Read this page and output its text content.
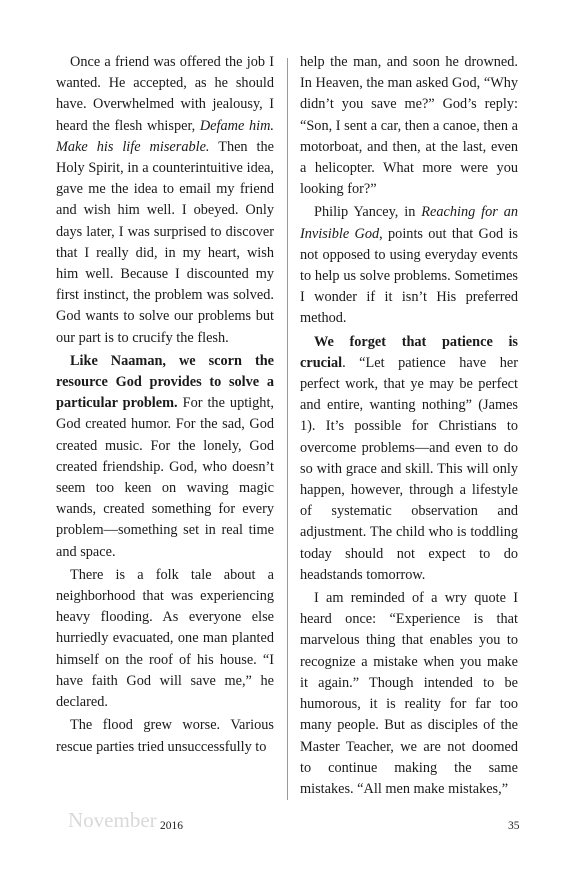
Once a friend was offered the job I wanted. He accepted, as he should have. Overwhelmed with jealousy, I heard the flesh whisper, Defame him. Make his life miserable. Then the Holy Spirit, in a counterintuitive idea, gave me the idea to email my friend and wish him well. I obeyed. Only days later, I was surprised to discover that I really did, in my heart, wish him well. Because I discounted my first instinct, the problem was solved. God wants to solve our problems but our part is to crucify the flesh.

Like Naaman, we scorn the resource God provides to solve a particular problem. For the uptight, God created humor. For the sad, God created music. For the lonely, God created friendship. God, who doesn’t seem too keen on waving magic wands, created something for every problem—something set in real time and space.

There is a folk tale about a neighborhood that was experiencing heavy flooding. As everyone else hurriedly evacuated, one man planted himself on the roof of his house. “I have faith God will save me,” he declared.

The flood grew worse. Various rescue parties tried unsuccessfully to

help the man, and soon he drowned. In Heaven, the man asked God, “Why didn’t you save me?” God’s reply: “Son, I sent a car, then a canoe, then a motorboat, and then, at the last, even a helicopter. What more were you looking for?”

Philip Yancey, in Reaching for an Invisible God, points out that God is not opposed to using everyday events to help us solve problems. Sometimes I wonder if it isn’t His preferred method.

We forget that patience is crucial. “Let patience have her perfect work, that ye may be perfect and entire, wanting nothing” (James 1). It’s possible for Christians to overcome problems—and even to do so with grace and skill. This will only happen, however, through a lifestyle of systematic observation and adjustment. The child who is toddling today should not expect to do headstands tomorrow.

I am reminded of a wry quote I heard once: “Experience is that marvelous thing that enables you to recognize a mistake when you make it again.” Though intended to be humorous, it is reality for far too many people. But as disciples of the Master Teacher, we are not doomed to continue making the same mistakes. “All men make mistakes,”

November 2016	35
